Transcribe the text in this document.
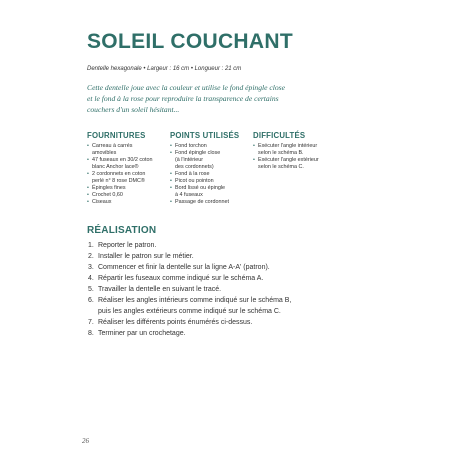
SOLEIL COUCHANT
Dentelle hexagonale • Largeur : 16 cm • Longueur : 21 cm
Cette dentelle joue avec la couleur et utilise le fond épingle close
et le fond à la rose pour reproduire la transparence de certains
couchers d'un soleil hésitant...
FOURNITURES
• Carreau à carrés
amovibles
• 47 fuseaux en 30/2 coton
blanc Anchor lace®
• 2 cordonnets en coton
perlé n° 8 rose DMC®
• Épingles fines
• Crochet 0,60
• Ciseaux
POINTS UTILISÉS
• Fond torchon
• Fond épingle close
(à l'intérieur
des cordonnets)
• Fond à la rose
• Picot ou pointon
• Bord lissé ou épingle
à 4 fuseaux
• Passage de cordonnet
DIFFICULTÉS
• Exécuter l'angle intérieur
selon le schéma B.
• Exécuter l'angle extérieur
selon le schéma C.
RÉALISATION
1. Reporter le patron.
2. Installer le patron sur le métier.
3. Commencer et finir la dentelle sur la ligne A-A' (patron).
4. Répartir les fuseaux comme indiqué sur le schéma A.
5. Travailler la dentelle en suivant le tracé.
6. Réaliser les angles intérieurs comme indiqué sur le schéma B,
puis les angles extérieurs comme indiqué sur le schéma C.
7. Réaliser les différents points énumérés ci-dessus.
8. Terminer par un crochetage.
26
